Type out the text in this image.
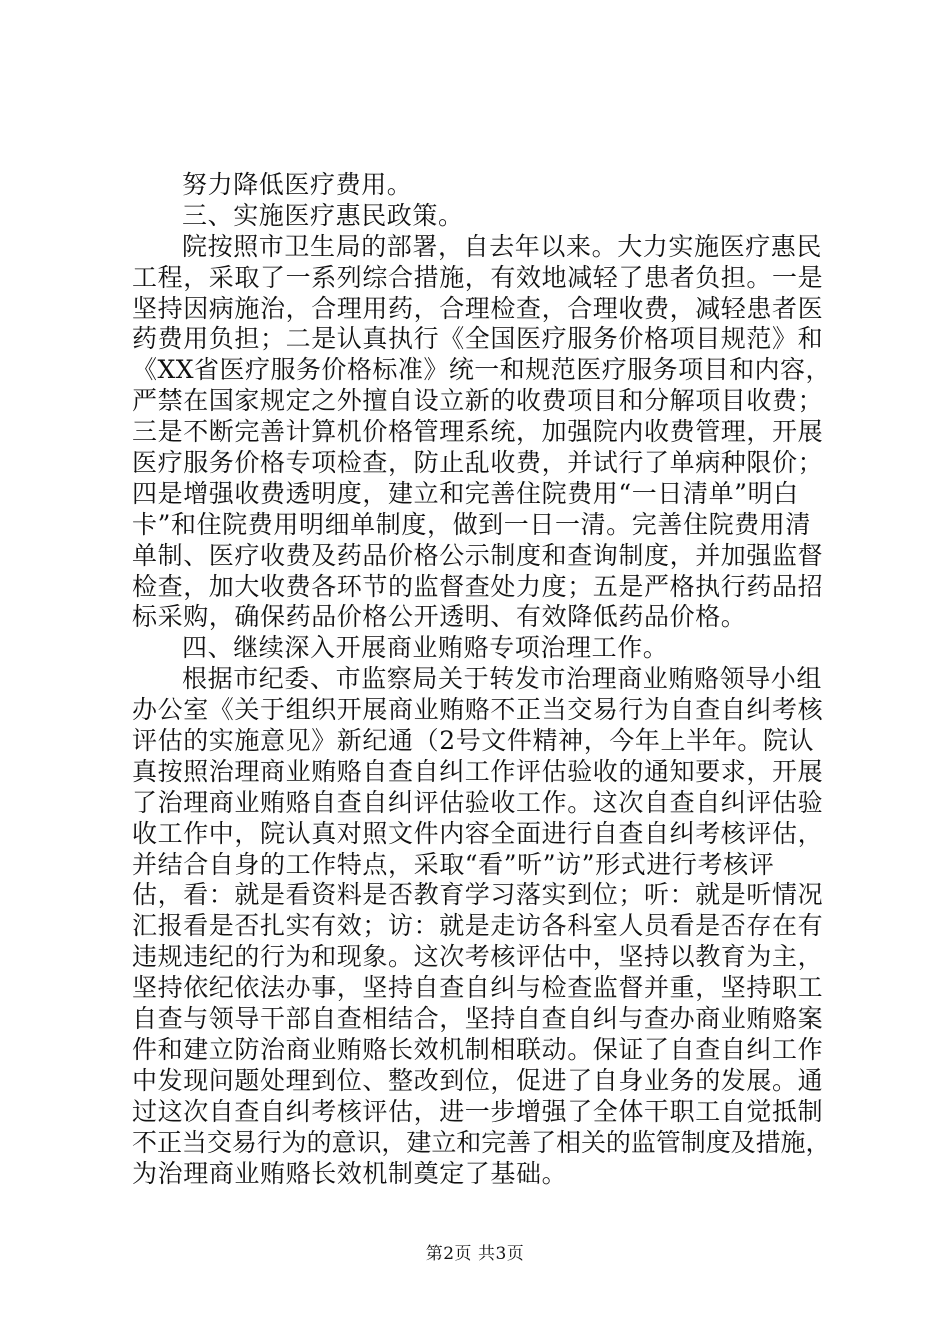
努力降低医疗费用。
三、实施医疗惠民政策。
院按照市卫生局的部署，自去年以来。大力实施医疗惠民
工程，采取了一系列综合措施，有效地减轻了患者负担。一是
坚持因病施治，合理用药，合理检查，合理收费，减轻患者医
药费用负担；二是认真执行《全国医疗服务价格项目规范》和
《XX省医疗服务价格标准》统一和规范医疗服务项目和内容，
严禁在国家规定之外擅自设立新的收费项目和分解项目收费；
三是不断完善计算机价格管理系统，加强院内收费管理，开展
医疗服务价格专项检查，防止乱收费，并试行了单病种限价；
四是增强收费透明度，建立和完善住院费用“一日清单”明白
卡”和住院费用明细单制度，做到一日一清。完善住院费用清
单制、医疗收费及药品价格公示制度和查询制度，并加强监督
检查，加大收费各环节的监督查处力度；五是严格执行药品招
标采购，确保药品价格公开透明、有效降低药品价格。
四、继续深入开展商业贿赂专项治理工作。
根据市纪委、市监察局关于转发市治理商业贿赂领导小组
办公室《关于组织开展商业贿赂不正当交易行为自查自纠考核
评估的实施意见》新纪通（2号文件精神，今年上半年。院认
真按照治理商业贿赂自查自纠工作评估验收的通知要求，开展
了治理商业贿赂自查自纠评估验收工作。这次自查自纠评估验
收工作中，院认真对照文件内容全面进行自查自纠考核评估，
并结合自身的工作特点，采取“看”听”访”形式进行考核评
估，看：就是看资料是否教育学习落实到位；听：就是听情况
汇报看是否扎实有效；访：就是走访各科室人员看是否存在有
违规违纪的行为和现象。这次考核评估中，坚持以教育为主，
坚持依纪依法办事，坚持自查自纠与检查监督并重，坚持职工
自查与领导干部自查相结合，坚持自查自纠与查办商业贿赂案
件和建立防治商业贿赂长效机制相联动。保证了自查自纠工作
中发现问题处理到位、整改到位，促进了自身业务的发展。通
过这次自查自纠考核评估，进一步增强了全体干职工自觉抵制
不正当交易行为的意识，建立和完善了相关的监管制度及措施，
为治理商业贿赂长效机制奠定了基础。
第2页 共3页
